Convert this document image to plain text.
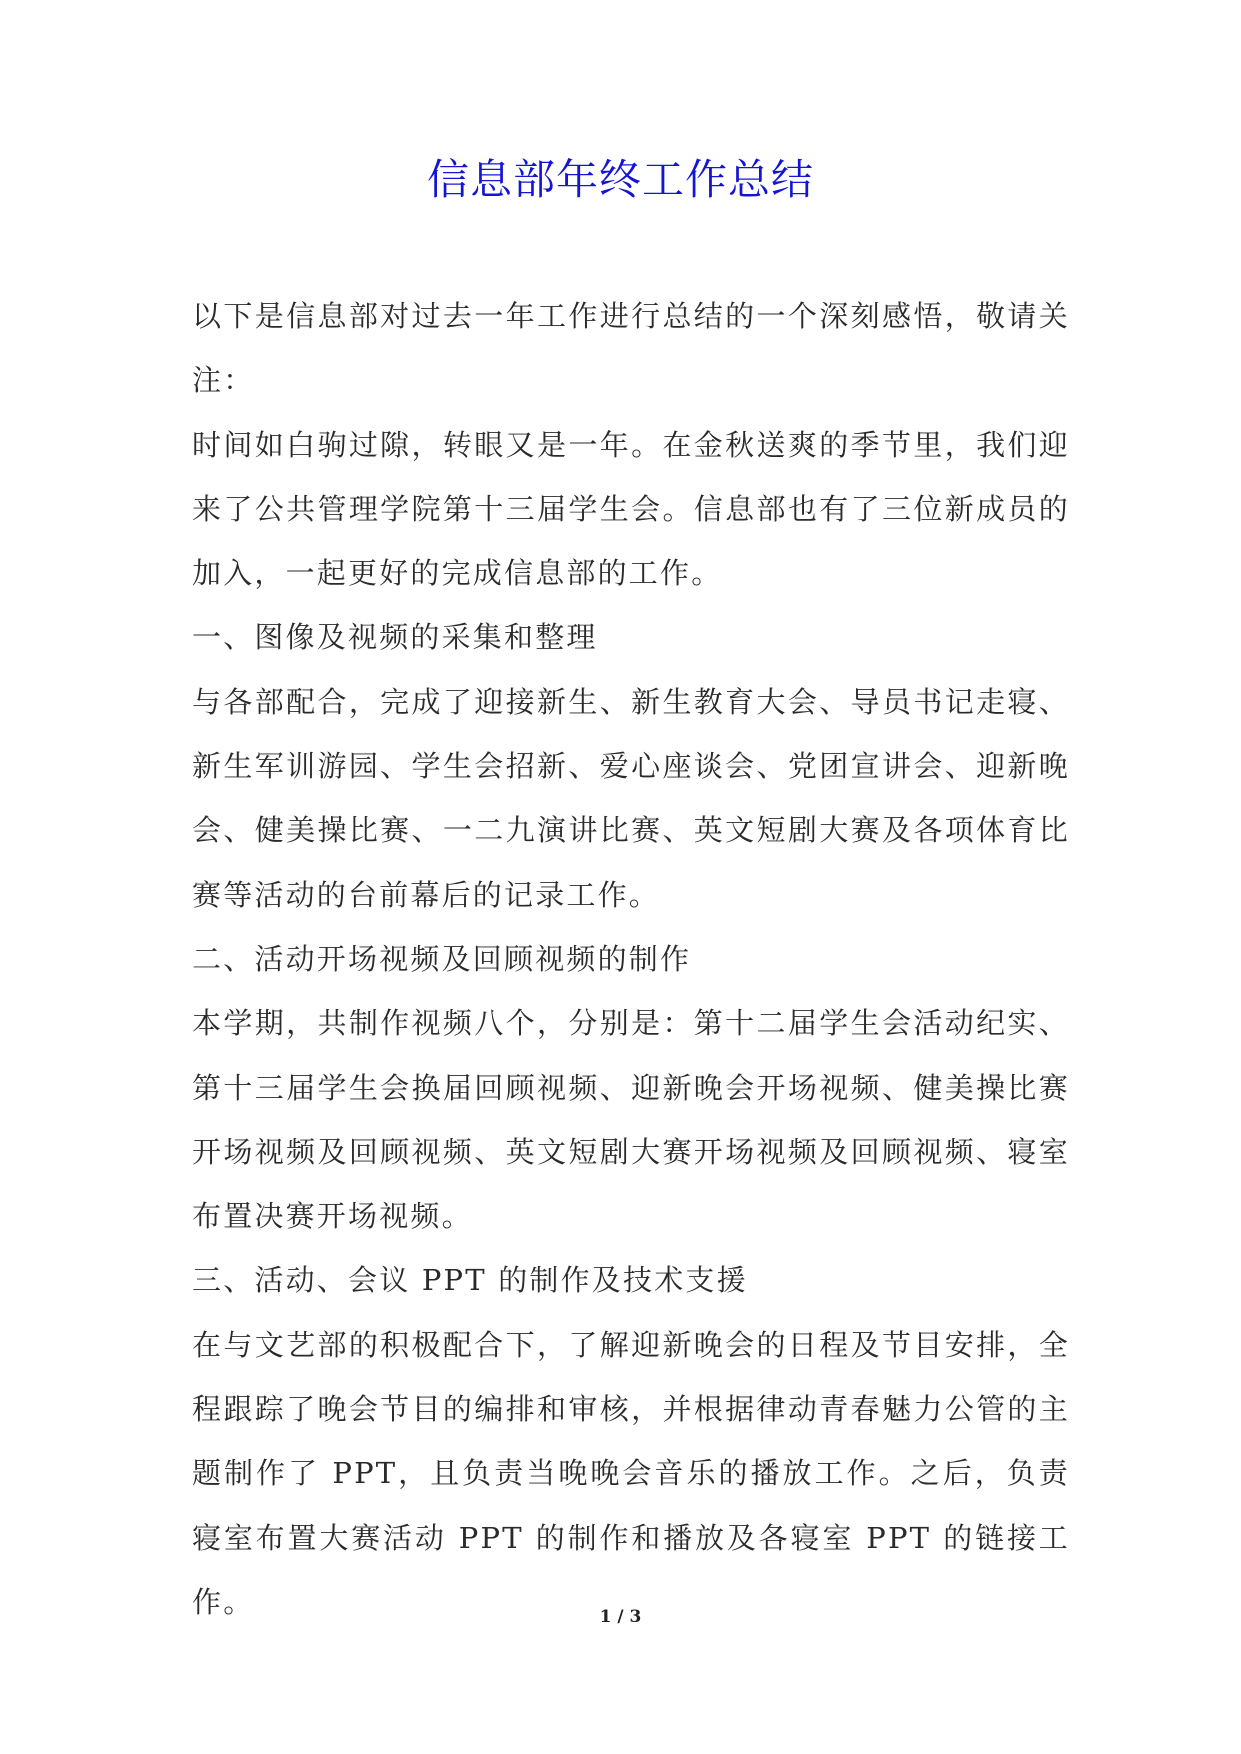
信息部年终工作总结

以下是信息部对过去一年工作进行总结的一个深刻感悟，敬请关注：

时间如白驹过隙，转眼又是一年。在金秋送爽的季节里，我们迎来了公共管理学院第十三届学生会。信息部也有了三位新成员的加入，一起更好的完成信息部的工作。

一、图像及视频的采集和整理

与各部配合，完成了迎接新生、新生教育大会、导员书记走寝、新生军训游园、学生会招新、爱心座谈会、党团宣讲会、迎新晚会、健美操比赛、一二九演讲比赛、英文短剧大赛及各项体育比赛等活动的台前幕后的记录工作。

二、活动开场视频及回顾视频的制作

本学期，共制作视频八个，分别是：第十二届学生会活动纪实、第十三届学生会换届回顾视频、迎新晚会开场视频、健美操比赛开场视频及回顾视频、英文短剧大赛开场视频及回顾视频、寝室布置决赛开场视频。

三、活动、会议 PPT 的制作及技术支援

在与文艺部的积极配合下，了解迎新晚会的日程及节目安排，全程跟踪了晚会节目的编排和审核，并根据律动青春魅力公管的主题制作了 PPT，且负责当晚晚会音乐的播放工作。之后，负责寝室布置大赛活动 PPT 的制作和播放及各寝室 PPT 的链接工作。	1 / 3
